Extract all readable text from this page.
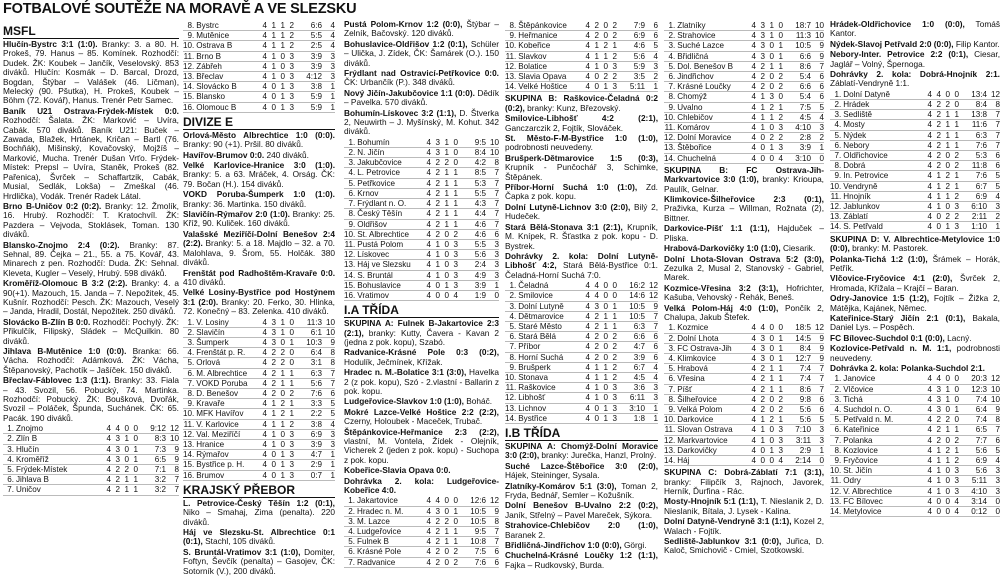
FOTBALOVÉ SOUTĚŽE NA MORAVĚ A VE SLEZSKU
MSFL
Hlučín-Bystrc 3:1 (1:0). Branky: 3. a 80. H. Prokeš, 79. Hanus – 85. Komínek. Rozhodčí: Dudek. ŽK: Koubek – Jančík, Veselovský. 853 diváků. Hlučín: Kosmák – D. Barcal, Drozd, Bogdan, Štýbar – Valášek (46. Ličman), Melecký (90. Pšutka), H. Prokeš, Koubek – Böhm (72. Kovář), Hanus. Trenér Petr Samec.
Baník U21 Ostrava-Frýdek-Místek 0:0. Rozhodčí: Šalata. ŽK: Marković – Uvíra, Cabák. 570 diváků. Baník U21: Buček – Zawada, Blažek, Hrtánek, Kričan – Bartl (76. Bochňák), Mišinský, Kovačovský, Mojžíš – Marković, Mucha. Trenér Dušan Vrťo. Frýdek-Místek: Prepsl – Uvíra, Staněk, Prokeš (82. Pařenica), Švrček – Schaffartzik, Cabák, Musial, Sedlák, Lokša) – Zmeškal (46. Hrdlička), Vodák. Trenér Radek Látal.
Brno B-Uničov 0:2 (0:2). Branky: 12. Žmolík, 16. Hrubý. Rozhodčí: T. Kratochvíl. ŽK: Pazdera – Vejvoda, Stoklásek, Toman. 130 diváků.
Blansko-Znojmo 2:4 (0:2). Branky: 87. Sehnal, 89. Čejka – 21., 55. a 75. Kovář, 43. Minarech z pen. Rozhodčí: Duda. ŽK: Sehnal. Kleveta, Kugler – Veselý, Hrubý. 598 diváků.
Kroměříž-Olomouc B 3:2 (2:2). Branky: 4. a 90(+1). Mazouch, 15. Janda – 7. Nepožitek, 45. Kušnír. Rozhodčí: Pesch. ŽK: Mazouch, Veselý – Janda, Hradil, Dostál, Nepožitek. 250 diváků.
Slovácko B-Zlín B 0:0. Rozhodčí: Pochylý. ŽK: Přikulčík, Filipský, Sládek – McQuilkin. 80 diváků.
Jihlava B-Mutěnice 1:0 (0:0). Branka: 66. Vácha. Rozhodčí: Adámková. ŽK: Vácha, Štěpanovský, Pachotík – Jašíček. 150 diváků.
Břeclav-Fáblovec 1:3 (1:1). Branky: 33. Fiala – 43. Svozil, 56. Pobucký, 74. Martinka. Rozhodčí: Pobucký. ŽK: Boušková, Dvořák, Svozil – Poláček, Špunda, Suchánek. ČK: 65. Pacák. 190 diváků.
1.	Znojmo	4	4	0	0	9:12	12
2.	Zlín B	4	3	1	0	8:3	10
3.	Hlučín	4	3	0	1	7:3	9
4.	Kroměříž	4	3	0	1	6:5	9
5.	Frýdek-Místek	4	2	2	0	7:1	8
6.	Jihlava B	4	2	1	1	3:2	7
7.	Uničov	4	2	1	1	3:2	7
8.	Bystrc	4	1	1	2	6:6	4
9.	Mutěnice	4	1	1	2	5:5	4
10.	Ostrava B	4	1	1	2	2:5	4
11.	Brno B	4	1	0	3	3:9	3
12.	Zábřeh	4	1	0	3	3:9	3
13.	Břeclav	4	1	0	3	4:12	3
14.	Slovácko B	4	0	1	3	3:8	1
15.	Blansko	4	0	1	3	5:9	1
16.	Olomouc B	4	0	1	3	5:9	1
DIVIZE E
Orlová-Město Albrechtice 1:0 (0:0). Branky: 90 (+1). Pršil. 80 diváků.
Havířov-Brumov 0:0. 240 diváků.
Velké Karlovice-Hranice 3:0 (1:0). Branky: 5. a 63. Mráček, 4. Orság. ČK: 79. Bočan (H.). 154 diváků.
VOKD Poruba-Šumperk 1:0 (1:0). Branky: 36. Martinka. 150 diváků.
Slavičín-Rýmařov 2:0 (1:0). Branky: 25. Kříž, 90. Kuliček. 160 diváků.
Valašské Meziříčí-Dolní Benešov 2:4 (2:2). Branky: 5. a 18. Majdlo – 32. a 70. Malohlava, 9. Šrom, 55. Holčák. 380 diváků.
Frenštát pod Radhoštěm-Kravaře 0:0. 410 diváků.
Velké Losiny-Bystřice pod Hostýnem 3:1 (2:0). Branky: 20. Ferko, 30. Hlinka, 72. Konečný – 83. Zelenka. 410 diváků.
1.	V. Losiny	4	3	1	0	11:3	10
2.	Slavičín	4	3	1	0	6:1	10
3.	Šumperk	4	3	0	1	10:3	9
4.	Frenštát p. R.	4	2	2	0	6:4	8
5.	Orlová	4	2	2	0	3:1	8
6.	M. Albrechtice	4	2	1	1	6:3	7
7.	VOKD Poruba	4	2	1	1	5:6	7
8.	D. Benešov	4	2	0	2	7:6	6
9.	Kravaře	4	1	2	1	3:3	5
10.	MFK Havířov	4	1	2	1	2:2	5
11.	V. Karlovice	4	1	1	2	3:8	4
12.	Val. Meziříčí	4	1	0	3	6:9	3
13.	Hranice	4	1	0	3	3:9	3
14.	Rýmařov	4	0	1	3	4:7	1
15.	Bystřice p. H.	4	0	1	3	2:9	1
16.	Brumov	4	0	1	3	0:7	1
KRAJSKÝ PŘEBOR
L. Petrovice-Český Těšín 1:2 (0:1), Niko – Smahaj, Zima (penalta). 220 diváků.
Háj ve Slezsku-St. Albrechtice 0:1 (0:1), Stachl, 105 diváků.
S. Bruntál-Vratimov 3:1 (1:0), Domiter, Foftyn, Ševčík (penalta) – Gasojev, ČK: Sotorník (V.), 200 diváků.
Pustá Polom-Krnov 1:2 (0:0), Štýbar – Zelník, Bačovský. 120 diváků.
Bohuslavice-Oldřišov 1:2 (0:1), Schüler – Ulička, J. Zídek, ČK: Šamárek (O.). 150 diváků.
Frýdlant nad Ostravicí-Petřkovice 0:0. ČK: Urbančík (P.). 348 diváků.
Nový Jičín-Jakubčovice 1:1 (0:0). Dědík – Pavelka. 570 diváků.
Bohumín-Lískovec 3:2 (1:1), D. Štverka 2, Neuwirth – J. Myšínský, M. Kohut. 342 diváků.
1.	Bohumín	4	3	1	0	9:5	10
2.	N. Jičín	4	3	1	0	8:4	10
3.	Jakubčovice	4	2	2	0	4:2	8
4.	L. Petrovice	4	2	1	1	8:5	7
5.	Petřkovice	4	2	1	1	5:3	7
6.	Krnov	4	2	1	1	5:5	7
7.	Frýdlant n. O.	4	2	1	1	4:3	7
8.	Český Těšín	4	2	1	1	4:4	7
9.	Oldřišov	4	2	1	1	4:6	7
10.	St. Albrechtice	4	2	0	2	4:6	6
11.	Pustá Polom	4	1	0	3	5:5	3
12.	Lískovec	4	1	0	3	5:6	3
13.	Háj ve Slezsku	4	1	0	3	2:4	3
14.	S. Bruntál	4	1	0	3	4:9	3
15.	Bohuslavice	4	0	1	3	3:9	1
16.	Vratimov	4	0	0	4	1:9	0
I.A TŘÍDA
SKUPINA A: Fulnek B-Jakartovice 2:3 (2:1), branky: Kutty, Čavera - Kavan 2 (jedna z pok. kopu), Szabó.
Radvanice-Krásné Pole 0:3 (0:2), Hodulík, Ječmínek, Křížak.
Hradec n. M.-Bolatice 3:1 (3:0), Havelka 2 (z pok. kopu), Szó - 2.vlastní - Ballarin z pok. kopu.
Ludgeřovice-Slavkov 1:0 (1:0), Boháč.
Mokré Lazce-Velké Hoštice 2:2 (2:2), Czerny, Holoubek - Maceček, Trubač.
Štěpánkovice-Heřmanice 2:3 (2:2), vlastní, M. Vontela, Žídek - Olejník, Vicherek 2 (jeden z pok. kopu) - Suchopa z pok. kopu.
Kobeřice-Slavia Opava 0:0.
Dohrávka 2. kola: Ludgeřovice-Kobeřice 4:0.
1.	Jakartovice	4	4	0	0	12:6	12
2.	Hradec n. M.	4	3	0	1	10:5	9
3.	M. Lazce	4	2	2	0	10:5	8
4.	Ludgeřovice	4	2	1	1	9:5	7
5.	Fulnek B	4	2	1	1	10:8	7
6.	Krásné Pole	4	2	0	2	7:5	6
7.	Radvanice	4	2	0	2	7:6	6
8.	Štěpánkovice	4	2	0	2	7:9	6
9.	Heřmanice	4	2	0	2	6:9	6
10.	Kobeřice	4	1	2	1	4:6	5
11.	Slavkov	4	1	1	2	5:6	4
12.	Bolatice	4	1	0	3	5:9	3
13.	Slavia Opava	4	0	2	2	3:5	2
14.	Velké Hoštice	4	0	1	3	5:11	1
SKUPINA B: Raškovice-Čeladná 0:2 (0:2), branky: Kunz, Březovský.
Smilovice-Libhošť 4:2 (2:1), Ganczarczik 2, Fojtík, Slováček.
St. Město-F-M-Bystřice 1:0 (1:0), podrobnosti neuvedeny.
Brušperk-Dětmarovice 1:5 (0:3), Krupník - Punčochář 3, Schimke, Štěpánek.
Příbor-Horní Suchá 1:0 (1:0), Zd. Čapka z pok. kopu.
Dolní Lutyně-Lichnov 3:0 (2:0), Bilý 2, Hudeček.
Stará Bělá-Stonava 3:1 (2:1), Krupník, M. Knípek, R. Šťastka z pok. kopu - D. Bystrek.
Dohrávky 2. kola: Dolní Lutyně-Libhošť 4:2, Stará Bělá-Bystřice 0:1. Čeladná-Horní Suchá 7:0.
1.	Čeladná	4	4	0	0	16:2	12
2.	Smilovice	4	4	0	0	14:6	12
3.	Dolní Lutyně	4	3	0	1	10:5	9
4.	Dětmarovice	4	2	1	1	10:5	7
5.	Staré Město	4	2	1	1	6:3	7
6.	Stará Bělá	4	2	0	2	6:6	6
7.	Příbor	4	2	0	2	4:7	6
8.	Horní Suchá	4	2	0	2	3:9	6
9.	Brušperk	4	1	1	2	6:7	4
10.	Stonava	4	1	1	2	4:5	4
11.	Raškovice	4	1	0	3	3:6	3
12.	Libhošť	4	1	0	3	6:11	3
13.	Lichnov	4	0	1	3	3:10	1
14.	Bystřice	4	0	1	3	1:8	1
I.B TŘÍDA
SKUPINA A: Chomýž-Dolní Moravice 3:0 (2:0), branky: Jurečka, Hanzl, Prolný.
Suché Lazce-Štěbořice 3:0 (2:0), Hájek, Steininger, Sysala.
Zlatníky-Komárov 5:1 (3:0), Toman 2, Fryda, Bednář, Semler – Kožušník.
Dolní Benešov B-Uvalno 2:2 (0:2), Janík, Střelný – Pavel Mareček, Sýkora.
Strahovice-Chlebičov 2:0 (1:0), Baranek 2.
Břidličná-Jindřichov 1:0 (0:0), Görgi.
Chuchelná-Krásné Loučky 1:2 (1:1), Fajka – Rudkovský, Burda.
1.	Zlatníky	4	3	1	0	18:7	10
2.	Strahovice	4	3	1	0	11:3	10
3.	Suché Lazce	4	3	0	1	10:5	9
4.	Břidličná	4	3	0	1	6:6	9
5.	Dol. Benešov B	4	2	1	1	8:6	7
6.	Jindřichov	4	2	0	2	5:4	6
7.	Krásné Loučky	4	2	0	2	6:6	6
8.	Chomýž	4	1	3	0	5:4	6
9.	Uvalno	4	1	2	1	7:5	5
10.	Chlebičov	4	1	1	2	4:5	4
11.	Komárov	4	1	0	3	4:10	3
12.	Dolní Moravice	4	0	2	2	2:8	2
13.	Štěbořice	4	0	1	3	3:9	1
14.	Chuchelná	4	0	0	4	3:10	0
SKUPINA B: FC Ostrava-Jih-Markvartovice 3:0 (1:0), branky: Krioupa, Paulík, Gelnar.
Klimkovice-Šilheřovice 2:3 (0:1), Praživka, Kurza – Willman, Rožnata (2), Bittner.
Darkovice-Píšť 1:1 (1:1), Hajduček – Pliska.
Hrabová-Darkovičky 1:0 (1:0), Ciesarik.
Dolní Lhota-Slovan Ostrava 5:2 (3:0), Zezulka 2, Musal 2, Stanovský - Gabriel, Marek.
Kozmice-Vřesina 3:2 (3:1), Hofrichter, Kašuba, Vehovský - Řehák, Beneš.
Velká Polom-Háj 4:0 (1:0), Pončík 2, Chalupa, Jakub Štefek.
1.	Kozmice	4	4	0	0	18:5	12
2.	Dolní Lhota	4	3	0	1	14:5	9
3.	FC Ostrava-Jih	4	3	0	1	8:4	9
4.	Klimkovice	4	3	0	1	12:7	9
5.	Hrabová	4	2	1	1	7:4	7
6.	Vřesina	4	2	1	1	7:4	7
7.	Píšť	4	2	1	1	8:6	7
8.	Šilheřovice	4	2	0	2	9:8	6
9.	Velká Polom	4	2	0	2	5:6	6
10.	Darkovice	4	1	2	1	5:6	5
11.	Slovan Ostrava	4	1	0	3	7:10	3
12.	Markvartovice	4	1	0	3	3:11	3
13.	Darkovičky	4	0	1	3	2:9	1
14.	Háj	4	0	0	4	2:14	0
SKUPINA C: Dobrá-Záblatí 7:1 (3:1), branky: Filipčík 3, Rajnoch, Javorek, Herník, Ďurfina - Rác.
Mosty-Hnojník 5:1 (1:1), T. Nieslanik 2, D. Nieslanik, Bítala, J. Lysek - Kalina.
Dolní Datyně-Vendryně 3:1 (1:1), Kozel 2, Walach - Fojtík.
Sedliště-Jablunkov 3:1 (0:0), Juřica, D. Kaloč, Smichovič - Cmiel, Szotkowski.
Hrádek-Oldřichovice 1:0 (0:0), Tomáš Kantor.
Nýdek-Slavoj Petřvald 2:0 (0:0), Filip Kantor.
Nebory-Inter. Petrovice 2:2 (0:1), Ciesar, Jaglář – Volný, Špernoga.
Dohrávky 2. kola: Dobrá-Hnojník 2:1. Záblatí-Vendryně 1:1.
1.	Dolní Datyně	4	4	0	0	13:4	12
2.	Hrádek	4	2	2	0	8:4	8
3.	Sedliště	4	2	1	1	13:8	7
4.	Mosty	4	2	1	1	11:6	7
5.	Nýdek	4	2	1	1	6:3	7
6.	Nebory	4	2	1	1	7:6	7
7.	Oldřichovice	4	2	0	2	5:3	6
8.	Dobrá	4	2	0	2	11:8	6
9.	In. Petrovice	4	1	2	1	7:6	5
10.	Vendryně	4	1	2	1	6:7	5
11.	Hnojník	4	1	1	2	6:9	4
12.	Jablunkov	4	1	0	3	6:10	3
13.	Záblatí	4	0	2	2	2:11	2
14.	S. Petřvald	4	0	1	3	1:10	1
SKUPINA D: V. Albrechtice-Metylovice 1:0 (0:0), branky: M. Pastorek.
Polanka-Tichá 1:2 (1:0), Šrámek – Horák, Petřík.
Vlčovice-Fryčovice 4:1 (2:0), Švrček 2, Hromada, Křížala – Krajčí – Baran.
Odry-Janovice 1:5 (1:2), Fojtík – Žižka 2, Mátějka, Kajánek, Němec.
Kateřinice-Starý Jičín 2:1 (0:1), Bakala, Daniel Lys. – Pospěch.
FC Bílovec-Suchdol 0:1 (0:0), Lacný.
Kozlovice-Petřvald n. M. 1:1, podrobnosti neuvedeny.
Dohrávka 2. kola: Polanka-Suchdol 2:1.
1.	Janovice	4	4	0	0	20:3	12
2.	Vlčovice	4	3	1	0	12:3	10
3.	Tichá	4	3	1	0	7:4	10
4.	Suchdol n. O.	4	3	0	1	6:4	9
5.	Petřvald n. M.	4	2	2	0	7:4	8
6.	Kateřinice	4	2	1	1	6:5	7
7.	Polanka	4	2	0	2	7:7	6
8.	Kozlovice	4	1	2	1	5:6	5
9.	Fryčovice	4	1	1	2	6:9	4
10.	St. Jičín	4	1	0	3	5:6	3
11.	Odry	4	1	0	3	5:11	3
12.	V. Albrechtice	4	1	0	3	4:10	3
13.	FC Bílovec	4	0	0	4	3:14	0
14.	Metylovice	4	0	0	4	0:12	0
